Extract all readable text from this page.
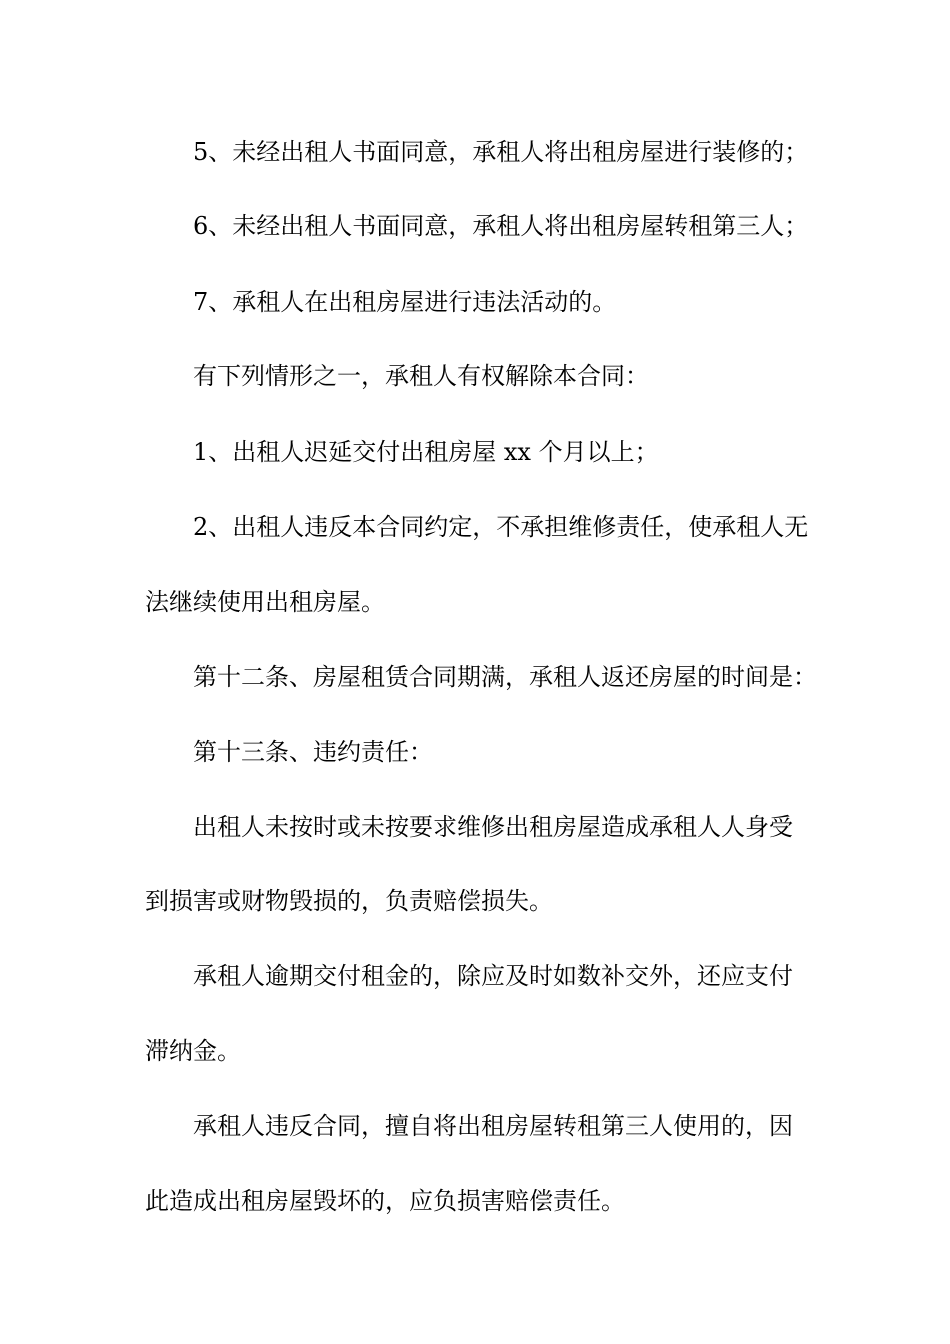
5、未经出租人书面同意，承租人将出租房屋进行装修的；

6、未经出租人书面同意，承租人将出租房屋转租第三人；

7、承租人在出租房屋进行违法活动的。

有下列情形之一，承租人有权解除本合同：

1、出租人迟延交付出租房屋 xx 个月以上；

2、出租人违反本合同约定，不承担维修责任，使承租人无

法继续使用出租房屋。

第十二条、房屋租赁合同期满，承租人返还房屋的时间是：

第十三条、违约责任：

出租人未按时或未按要求维修出租房屋造成承租人人身受

到损害或财物毁损的，负责赔偿损失。

承租人逾期交付租金的，除应及时如数补交外，还应支付

滞纳金。

承租人违反合同，擅自将出租房屋转租第三人使用的，因

此造成出租房屋毁坏的，应负损害赔偿责任。
